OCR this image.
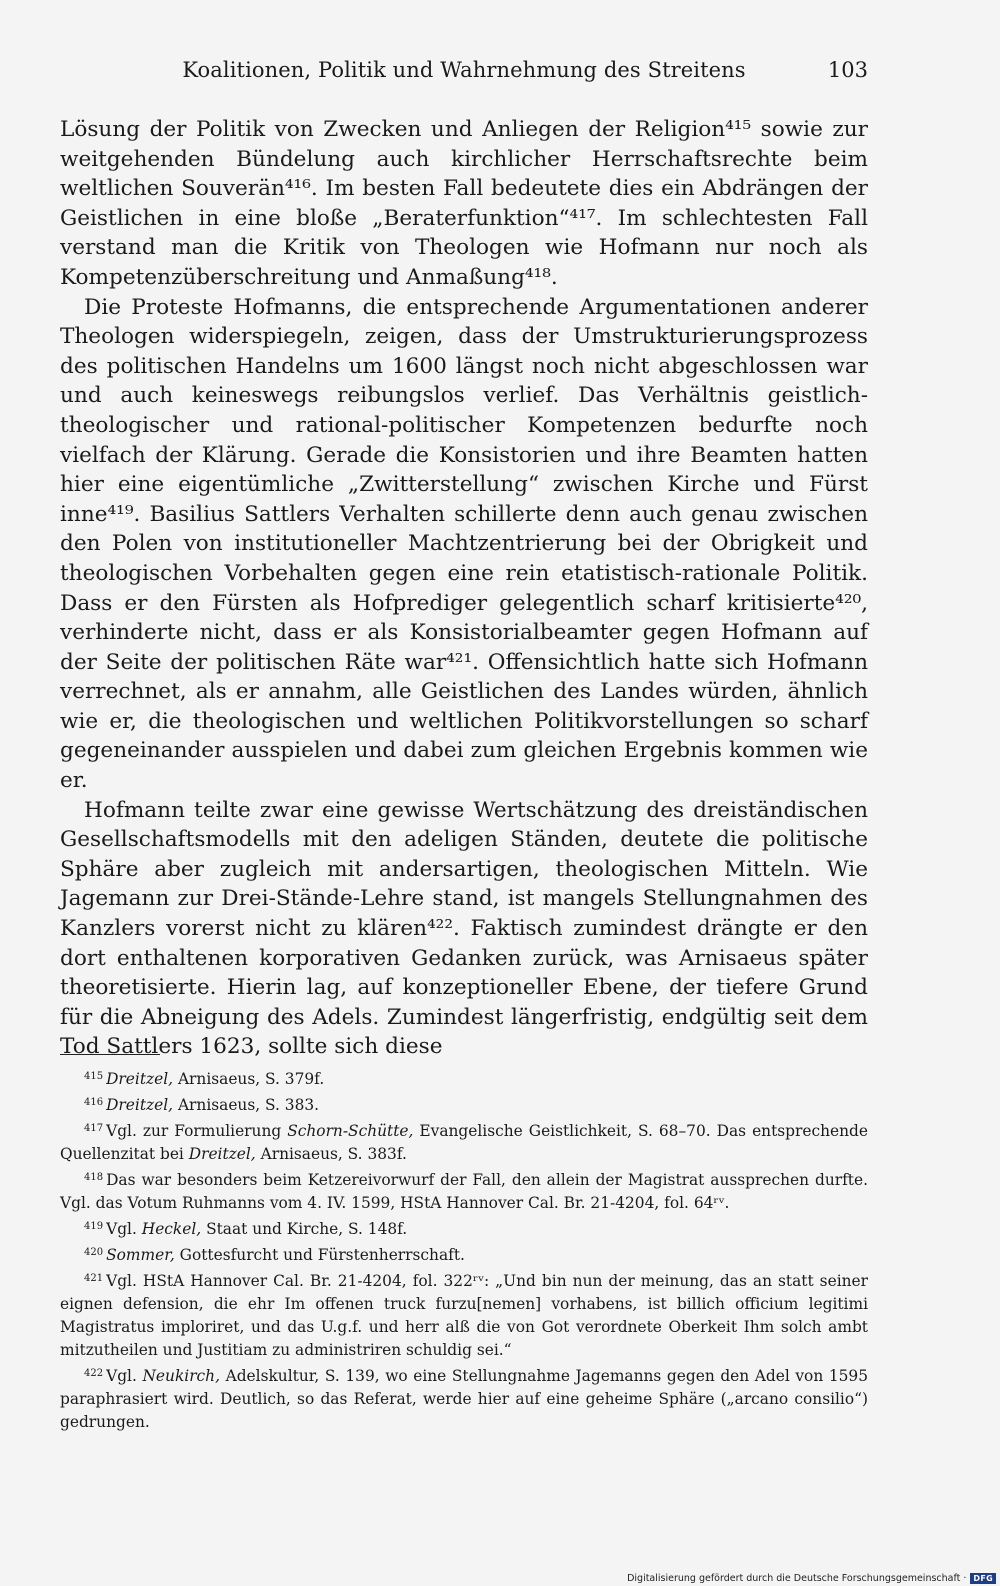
Koalitionen, Politik und Wahrnehmung des Streitens	103

Lösung der Politik von Zwecken und Anliegen der Religion⁴¹⁵ sowie zur weitgehenden Bündelung auch kirchlicher Herrschaftsrechte beim weltlichen Souverän⁴¹⁶. Im besten Fall bedeutete dies ein Abdrängen der Geistlichen in eine bloße „Beraterfunktion“⁴¹⁷. Im schlechtesten Fall verstand man die Kritik von Theologen wie Hofmann nur noch als Kompetenzüberschreitung und Anmaßung⁴¹⁸.

Die Proteste Hofmanns, die entsprechende Argumentationen anderer Theologen widerspiegeln, zeigen, dass der Umstrukturierungsprozess des politischen Handelns um 1600 längst noch nicht abgeschlossen war und auch keineswegs reibungslos verlief. Das Verhältnis geistlich-theologischer und rational-politischer Kompetenzen bedurfte noch vielfach der Klärung. Gerade die Konsistorien und ihre Beamten hatten hier eine eigentümliche „Zwitterstellung“ zwischen Kirche und Fürst inne⁴¹⁹. Basilius Sattlers Verhalten schillerte denn auch genau zwischen den Polen von institutioneller Machtzentrierung bei der Obrigkeit und theologischen Vorbehalten gegen eine rein etatistisch-rationale Politik. Dass er den Fürsten als Hofprediger gelegentlich scharf kritisierte⁴²⁰, verhinderte nicht, dass er als Konsistorialbeamter gegen Hofmann auf der Seite der politischen Räte war⁴²¹. Offensichtlich hatte sich Hofmann verrechnet, als er annahm, alle Geistlichen des Landes würden, ähnlich wie er, die theologischen und weltlichen Politikvorstellungen so scharf gegeneinander ausspielen und dabei zum gleichen Ergebnis kommen wie er.

Hofmann teilte zwar eine gewisse Wertschätzung des dreiständischen Gesellschaftsmodells mit den adeligen Ständen, deutete die politische Sphäre aber zugleich mit andersartigen, theologischen Mitteln. Wie Jagemann zur Drei-Stände-Lehre stand, ist mangels Stellungnahmen des Kanzlers vorerst nicht zu klären⁴²². Faktisch zumindest drängte er den dort enthaltenen korporativen Gedanken zurück, was Arnisaeus später theoretisierte. Hierin lag, auf konzeptioneller Ebene, der tiefere Grund für die Abneigung des Adels. Zumindest längerfristig, endgültig seit dem Tod Sattlers 1623, sollte sich diese

$^{415}$ Dreitzel, Arnisaeus, S. 379f.

$^{416}$ Dreitzel, Arnisaeus, S. 383.

$^{417}$ Vgl. zur Formulierung Schorn-Schütte, Evangelische Geistlichkeit, S. 68–70. Das entsprechende Quellenzitat bei Dreitzel, Arnisaeus, S. 383f.

$^{418}$ Das war besonders beim Ketzereivorwurf der Fall, den allein der Magistrat aussprechen durfte. Vgl. das Votum Ruhmanns vom 4. IV. 1599, HStA Hannover Cal. Br. 21-4204, fol. 64ʳᵛ.

$^{419}$ Vgl. Heckel, Staat und Kirche, S. 148f.

$^{420}$ Sommer, Gottesfurcht und Fürstenherrschaft.

$^{421}$ Vgl. HStA Hannover Cal. Br. 21-4204, fol. 322ʳᵛ: „Und bin nun der meinung, das an statt seiner eignen defension, die ehr Im offenen truck furzu[nemen] vorhabens, ist billich officium legitimi Magistratus imploriret, und das U.g.f. und herr alß die von Got verordnete Oberkeit Ihm solch ambt mitzutheilen und Justitiam zu administriren schuldig sei.“

$^{422}$ Vgl. Neukirch, Adelskultur, S. 139, wo eine Stellungnahme Jagemanns gegen den Adel von 1595 paraphrasiert wird. Deutlich, so das Referat, werde hier auf eine geheime Sphäre („arcano consilio“) gedrungen.

Digitalisierung gefördert durch die Deutsche Forschungsgemeinschaft · DFG
